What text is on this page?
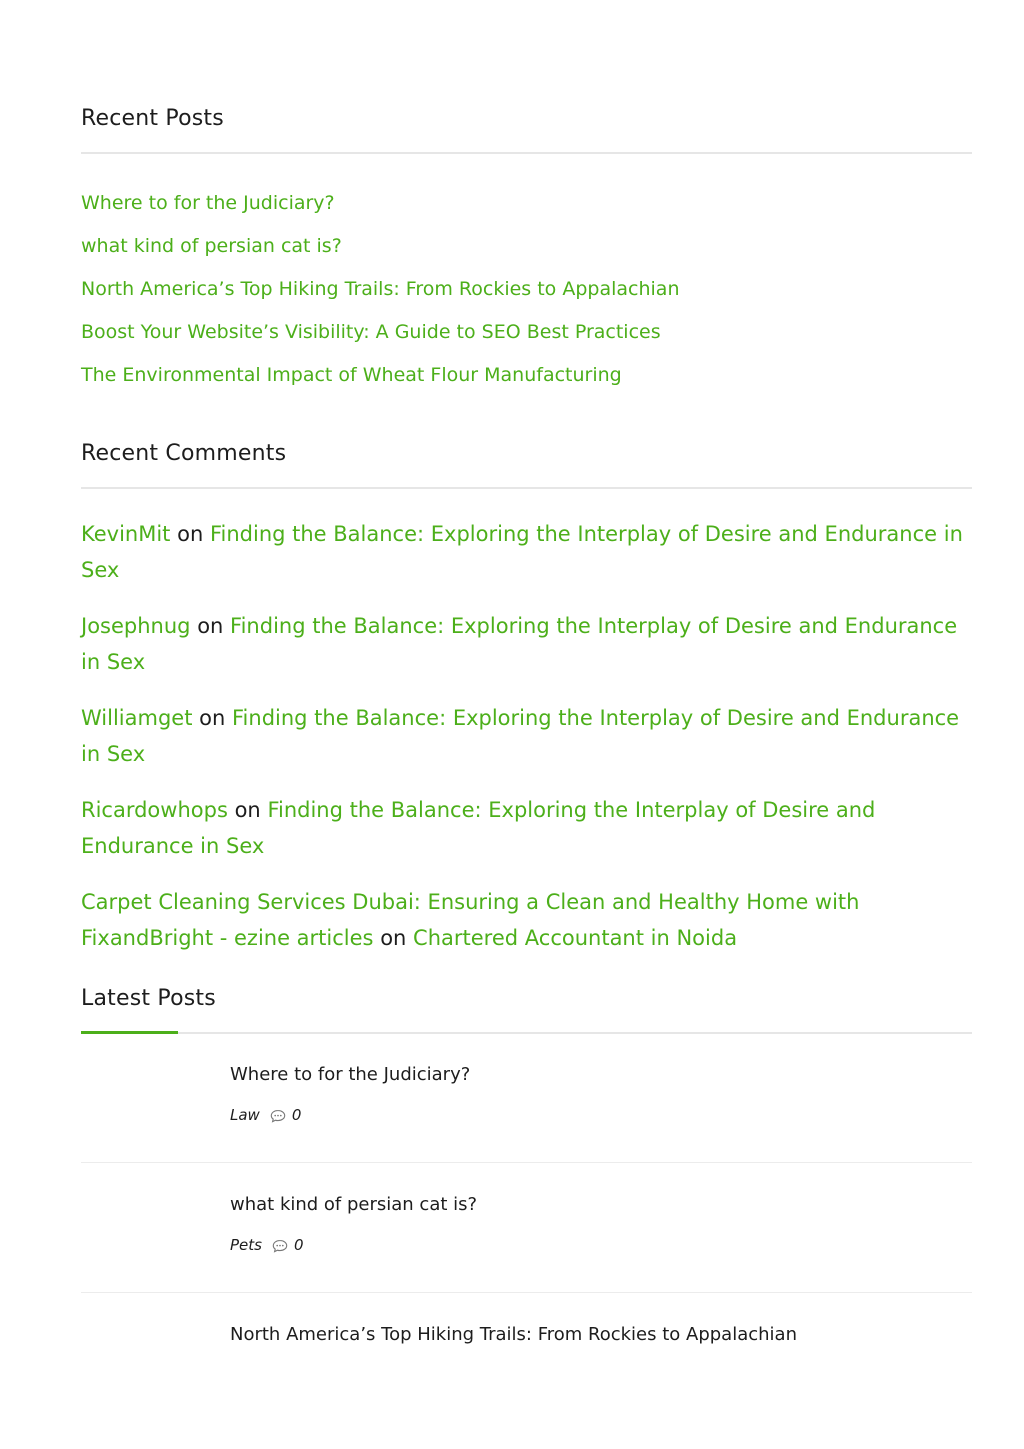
Recent Posts
Where to for the Judiciary?
what kind of persian cat is?
North America’s Top Hiking Trails: From Rockies to Appalachian
Boost Your Website’s Visibility: A Guide to SEO Best Practices
The Environmental Impact of Wheat Flour Manufacturing
Recent Comments
KevinMit on Finding the Balance: Exploring the Interplay of Desire and Endurance in Sex
Josephnug on Finding the Balance: Exploring the Interplay of Desire and Endurance in Sex
Williamget on Finding the Balance: Exploring the Interplay of Desire and Endurance in Sex
Ricardowhops on Finding the Balance: Exploring the Interplay of Desire and Endurance in Sex
Carpet Cleaning Services Dubai: Ensuring a Clean and Healthy Home with FixandBright - ezine articles on Chartered Accountant in Noida
Latest Posts
Where to for the Judiciary?
Law 0
what kind of persian cat is?
Pets 0
North America’s Top Hiking Trails: From Rockies to Appalachian
